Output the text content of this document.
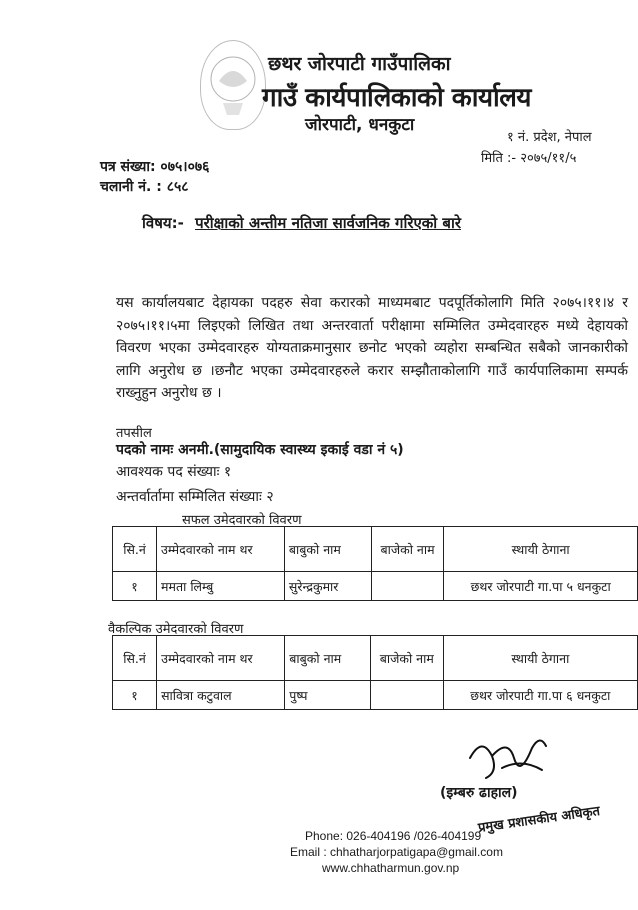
छथर जोरपाटी गाउँपालिका
गाउँ कार्यपालिकाको कार्यालय
जोरपाटी, धनकुटा
१ नं. प्रदेश, नेपाल
मिति :- २०७५/११/५
पत्र संख्या: ०७५।०७६
चलानी नं. : ८५८
विषय:- परीक्षाको अन्तीम नतिजा सार्वजनिक गरिएको बारे
यस कार्यालयबाट देहायका पदहरु सेवा करारको माध्यमबाट पदपूर्तिकोलागि मिति २०७५।११।४ र २०७५।११।५मा लिइएको लिखित तथा अन्तरवार्ता परीक्षामा सम्मिलित उम्मेदवारहरु मध्ये देहायको विवरण भएका उम्मेदवारहरु योग्यताक्रमानुसार छनोट भएको व्यहोरा सम्बन्धित सबैको जानकारीको लागि अनुरोध छ ।छनौट भएका उम्मेदवारहरुले करार सम्झौताकोलागि गाउँ कार्यपालिकामा सम्पर्क राख्नुहुन अनुरोध छ ।
तपसील
पदको नामः अनमी.(सामुदायिक स्वास्थ्य इकाई वडा नं ५)
आवश्यक पद संख्याः १
अन्तर्वार्तामा सम्मिलित संख्याः २
सफल उमेदवारको विवरण
सि.नं	उम्मेदवारको नाम थर	बाबुको नाम	बाजेको नाम	स्थायी ठेगाना
१	ममता लिम्बु	सुरेन्द्रकुमार		छथर जोरपाटी गा.पा ५ धनकुटा
वैकल्पिक उमेदवारको विवरण
सि.नं	उम्मेदवारको नाम थर	बाबुको नाम	बाजेको नाम	स्थायी ठेगाना
१	सावित्रा कटुवाल	पुष्प		छथर जोरपाटी गा.पा ६ धनकुटा
(इम्बरु ढाहाल)
प्रमुख प्रशासकीय अधिकृत
Phone: 026-404196 /026-404199
Email : chhatharjorpatigapa@gmail.com
www.chhatharmun.gov.np
